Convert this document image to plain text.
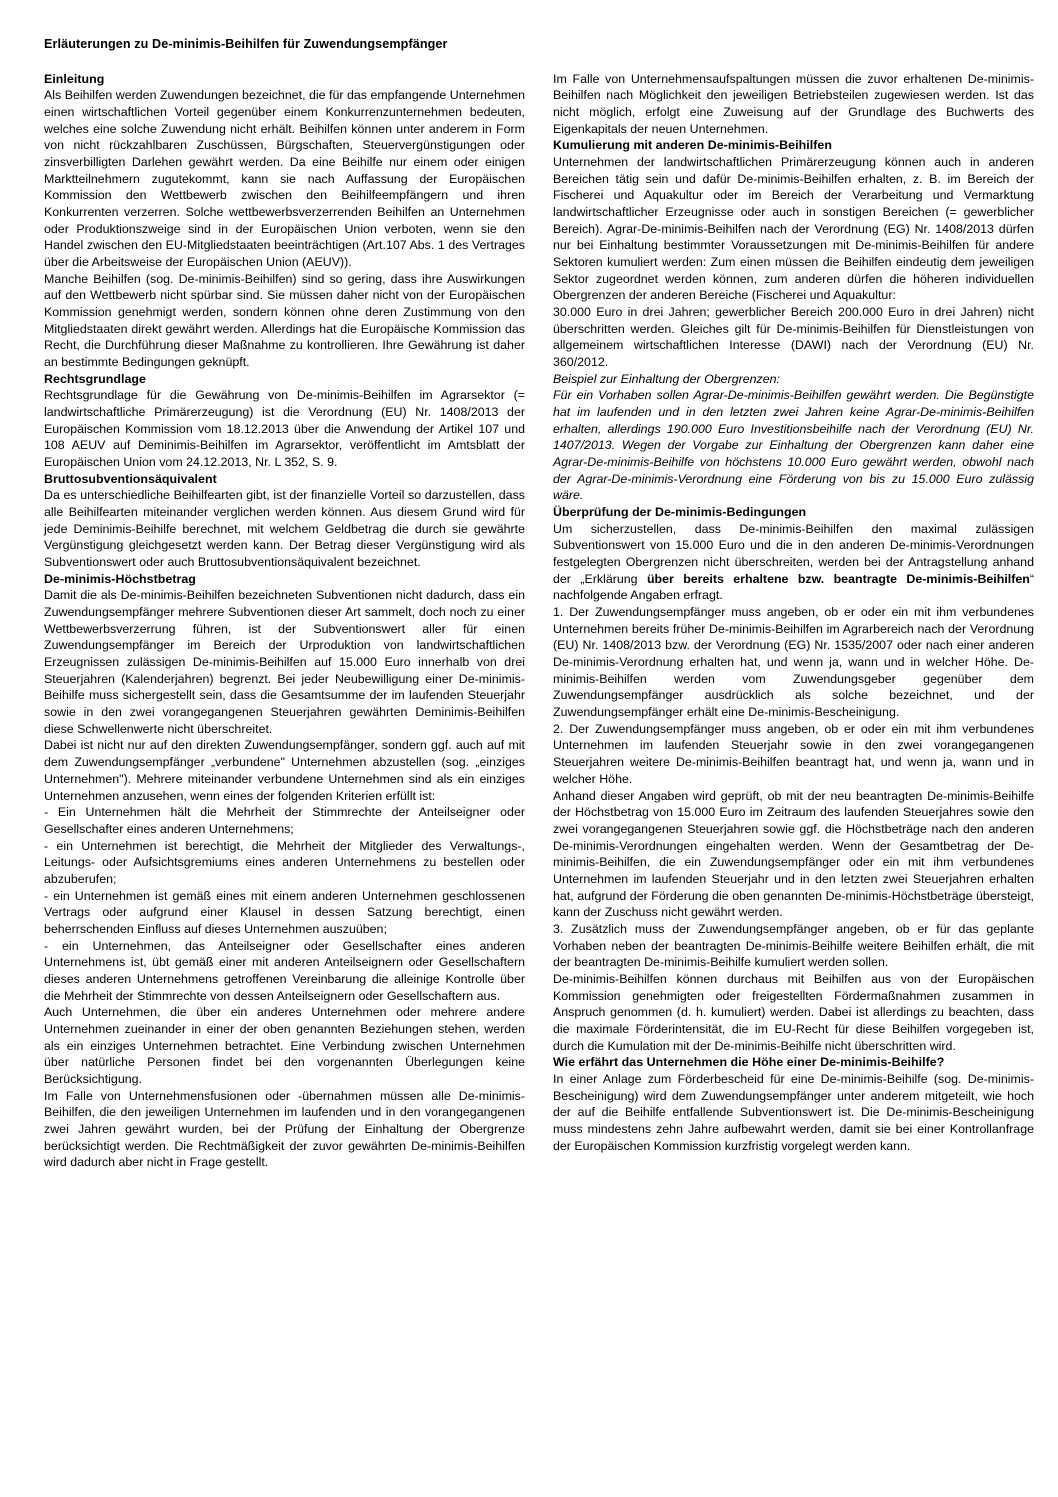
Erläuterungen zu De-minimis-Beihilfen für Zuwendungsempfänger
Einleitung

Als Beihilfen werden Zuwendungen bezeichnet, die für das empfangende Unternehmen einen wirtschaftlichen Vorteil gegenüber einem Konkurrenzunternehmen bedeuten, welches eine solche Zuwendung nicht erhält. Beihilfen können unter anderem in Form von nicht rückzahlbaren Zuschüssen, Bürgschaften, Steuervergünstigungen oder zinsverbilligten Darlehen gewährt werden. Da eine Beihilfe nur einem oder einigen Marktteilnehmern zugutekommt, kann sie nach Auffassung der Europäischen Kommission den Wettbewerb zwischen den Beihilfeempfängern und ihren Konkurrenten verzerren. Solche wettbewerbsverzerrenden Beihilfen an Unternehmen oder Produktionszweige sind in der Europäischen Union verboten, wenn sie den Handel zwischen den EU-Mitgliedstaaten beeinträchtigen (Art.107 Abs. 1 des Vertrages über die Arbeitsweise der Europäischen Union (AEUV)).

Manche Beihilfen (sog. De-minimis-Beihilfen) sind so gering, dass ihre Auswirkungen auf den Wettbewerb nicht spürbar sind. Sie müssen daher nicht von der Europäischen Kommission genehmigt werden, sondern können ohne deren Zustimmung von den Mitgliedstaaten direkt gewährt werden. Allerdings hat die Europäische Kommission das Recht, die Durchführung dieser Maßnahme zu kontrollieren. Ihre Gewährung ist daher an bestimmte Bedingungen geknüpft.

Rechtsgrundlage

Rechtsgrundlage für die Gewährung von De-minimis-Beihilfen im Agrarsektor (= landwirtschaftliche Primärerzeugung) ist die Verordnung (EU) Nr. 1408/2013 der Europäischen Kommission vom 18.12.2013 über die Anwendung der Artikel 107 und 108 AEUV auf Deminimis-Beihilfen im Agrarsektor, veröffentlicht im Amtsblatt der Europäischen Union vom 24.12.2013, Nr. L 352, S. 9.

Bruttosubventionsäquivalent

Da es unterschiedliche Beihilfearten gibt, ist der finanzielle Vorteil so darzustellen, dass alle Beihilfearten miteinander verglichen werden können. Aus diesem Grund wird für jede Deminimis-Beihilfe berechnet, mit welchem Geldbetrag die durch sie gewährte Vergünstigung gleichgesetzt werden kann. Der Betrag dieser Vergünstigung wird als Subventionswert oder auch Bruttosubventionsäquivalent bezeichnet.

De-minimis-Höchstbetrag

Damit die als De-minimis-Beihilfen bezeichneten Subventionen nicht dadurch, dass ein Zuwendungsempfänger mehrere Subventionen dieser Art sammelt, doch noch zu einer Wettbewerbsverzerrung führen, ist der Subventionswert aller für einen Zuwendungsempfänger im Bereich der Urproduktion von landwirtschaftlichen Erzeugnissen zulässigen De-minimis-Beihilfen auf 15.000 Euro innerhalb von drei Steuerjahren (Kalenderjahren) begrenzt. Bei jeder Neubewilligung einer De-minimis-Beihilfe muss sichergestellt sein, dass die Gesamtsumme der im laufenden Steuerjahr sowie in den zwei vorangegangenen Steuerjahren gewährten Deminimis-Beihilfen diese Schwellenwerte nicht überschreitet.

Dabei ist nicht nur auf den direkten Zuwendungsempfänger, sondern ggf. auch auf mit dem Zuwendungsempfänger „verbundene" Unternehmen abzustellen (sog. „einziges Unternehmen"). Mehrere miteinander verbundene Unternehmen sind als ein einziges Unternehmen anzusehen, wenn eines der folgenden Kriterien erfüllt ist:

- Ein Unternehmen hält die Mehrheit der Stimmrechte der Anteilseigner oder Gesellschafter eines anderen Unternehmens;

- ein Unternehmen ist berechtigt, die Mehrheit der Mitglieder des Verwaltungs-, Leitungs- oder Aufsichtsgremiums eines anderen Unternehmens zu bestellen oder abzuberufen;

- ein Unternehmen ist gemäß eines mit einem anderen Unternehmen geschlossenen Vertrags oder aufgrund einer Klausel in dessen Satzung berechtigt, einen beherrschenden Einfluss auf dieses Unternehmen auszuüben;

- ein Unternehmen, das Anteilseigner oder Gesellschafter eines anderen Unternehmens ist, übt gemäß einer mit anderen Anteilseignern oder Gesellschaftern dieses anderen Unternehmens getroffenen Vereinbarung die alleinige Kontrolle über die Mehrheit der Stimmrechte von dessen Anteilseignern oder Gesellschaftern aus.

Auch Unternehmen, die über ein anderes Unternehmen oder mehrere andere Unternehmen zueinander in einer der oben genannten Beziehungen stehen, werden als ein einziges Unternehmen betrachtet. Eine Verbindung zwischen Unternehmen über natürliche Personen findet bei den vorgenannten Überlegungen keine Berücksichtigung.

Im Falle von Unternehmensfusionen oder -übernahmen müssen alle De-minimis-Beihilfen, die den jeweiligen Unternehmen im laufenden und in den vorangegangenen zwei Jahren gewährt wurden, bei der Prüfung der Einhaltung der Obergrenze berücksichtigt werden. Die Rechtmäßigkeit der zuvor gewährten De-minimis-Beihilfen wird dadurch aber nicht in Frage gestellt.

Im Falle von Unternehmensaufspaltungen müssen die zuvor erhaltenen De-minimis-Beihilfen nach Möglichkeit den jeweiligen Betriebsteilen zugewiesen werden. Ist das nicht möglich, erfolgt eine Zuweisung auf der Grundlage des Buchwerts des Eigenkapitals der neuen Unternehmen.

Kumulierung mit anderen De-minimis-Beihilfen

Unternehmen der landwirtschaftlichen Primärerzeugung können auch in anderen Bereichen tätig sein und dafür De-minimis-Beihilfen erhalten, z. B. im Bereich der Fischerei und Aquakultur oder im Bereich der Verarbeitung und Vermarktung landwirtschaftlicher Erzeugnisse oder auch in sonstigen Bereichen (= gewerblicher Bereich). Agrar-De-minimis-Beihilfen nach der Verordnung (EG) Nr. 1408/2013 dürfen nur bei Einhaltung bestimmter Voraussetzungen mit De-minimis-Beihilfen für andere Sektoren kumuliert werden: Zum einen müssen die Beihilfen eindeutig dem jeweiligen Sektor zugeordnet werden können, zum anderen dürfen die höheren individuellen Obergrenzen der anderen Bereiche (Fischerei und Aquakultur:

30.000 Euro in drei Jahren; gewerblicher Bereich 200.000 Euro in drei Jahren) nicht überschritten werden. Gleiches gilt für De-minimis-Beihilfen für Dienstleistungen von allgemeinem wirtschaftlichen Interesse (DAWI) nach der Verordnung (EU) Nr. 360/2012.

Beispiel zur Einhaltung der Obergrenzen:

Für ein Vorhaben sollen Agrar-De-minimis-Beihilfen gewährt werden. Die Begünstigte hat im laufenden und in den letzten zwei Jahren keine Agrar-De-minimis-Beihilfen erhalten, allerdings 190.000 Euro Investitionsbeihilfe nach der Verordnung (EU) Nr. 1407/2013. Wegen der Vorgabe zur Einhaltung der Obergrenzen kann daher eine Agrar-De-minimis-Beihilfe von höchstens 10.000 Euro gewährt werden, obwohl nach der Agrar-De-minimis-Verordnung eine Förderung von bis zu 15.000 Euro zulässig wäre.

Überprüfung der De-minimis-Bedingungen

Um sicherzustellen, dass De-minimis-Beihilfen den maximal zulässigen Subventionswert von 15.000 Euro und die in den anderen De-minimis-Verordnungen festgelegten Obergrenzen nicht überschreiten, werden bei der Antragstellung anhand der „Erklärung über bereits erhaltene bzw. beantragte De-minimis-Beihilfen“ nachfolgende Angaben erfragt.

1. Der Zuwendungsempfänger muss angeben, ob er oder ein mit ihm verbundenes Unternehmen bereits früher De-minimis-Beihilfen im Agrarbereich nach der Verordnung (EU) Nr. 1408/2013 bzw. der Verordnung (EG) Nr. 1535/2007 oder nach einer anderen De-minimis-Verordnung erhalten hat, und wenn ja, wann und in welcher Höhe. De-minimis-Beihilfen werden vom Zuwendungsgeber gegenüber dem Zuwendungsempfänger ausdrücklich als solche bezeichnet, und der Zuwendungsempfänger erhält eine De-minimis-Bescheinigung.

2. Der Zuwendungsempfänger muss angeben, ob er oder ein mit ihm verbundenes Unternehmen im laufenden Steuerjahr sowie in den zwei vorangegangenen Steuerjahren weitere De-minimis-Beihilfen beantragt hat, und wenn ja, wann und in welcher Höhe.

Anhand dieser Angaben wird geprüft, ob mit der neu beantragten De-minimis-Beihilfe der Höchstbetrag von 15.000 Euro im Zeitraum des laufenden Steuerjahres sowie den zwei vorangegangenen Steuerjahren sowie ggf. die Höchstbeträge nach den anderen De-minimis-Verordnungen eingehalten werden. Wenn der Gesamtbetrag der De-minimis-Beihilfen, die ein Zuwendungsempfänger oder ein mit ihm verbundenes Unternehmen im laufenden Steuerjahr und in den letzten zwei Steuerjahren erhalten hat, aufgrund der Förderung die oben genannten De-minimis-Höchstbeträge übersteigt, kann der Zuschuss nicht gewährt werden.

3. Zusätzlich muss der Zuwendungsempfänger angeben, ob er für das geplante Vorhaben neben der beantragten De-minimis-Beihilfe weitere Beihilfen erhält, die mit der beantragten De-minimis-Beihilfe kumuliert werden sollen.

De-minimis-Beihilfen können durchaus mit Beihilfen aus von der Europäischen Kommission genehmigten oder freigestellten Fördermaßnahmen zusammen in Anspruch genommen (d. h. kumuliert) werden. Dabei ist allerdings zu beachten, dass die maximale Förderintensität, die im EU-Recht für diese Beihilfen vorgegeben ist, durch die Kumulation mit der De-minimis-Beihilfe nicht überschritten wird.

Wie erfährt das Unternehmen die Höhe einer De-minimis-Beihilfe?

In einer Anlage zum Förderbescheid für eine De-minimis-Beihilfe (sog. De-minimis-Bescheinigung) wird dem Zuwendungsempfänger unter anderem mitgeteilt, wie hoch der auf die Beihilfe entfallende Subventionswert ist. Die De-minimis-Bescheinigung muss mindestens zehn Jahre aufbewahrt werden, damit sie bei einer Kontrollanfrage der Europäischen Kommission kurzfristig vorgelegt werden kann.
